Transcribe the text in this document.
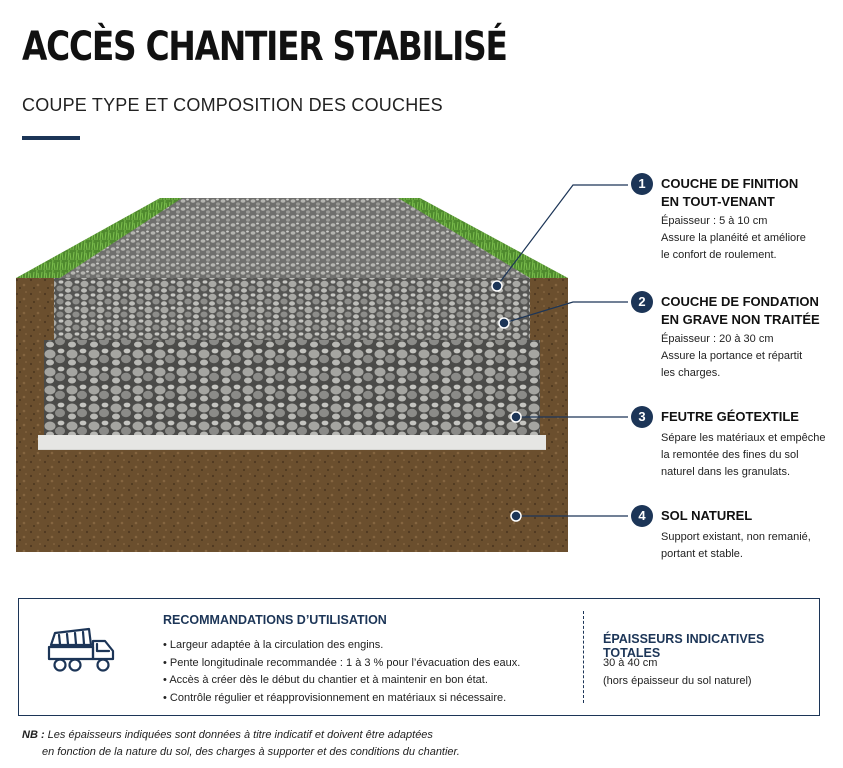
ACCÈS CHANTIER STABILISÉ
COUPE TYPE ET COMPOSITION DES COUCHES
1	COUCHE DE FINITION
EN TOUT-VENANT
Épaisseur : 5 à 10 cm
Assure la planéité et améliore
le confort de roulement.
2	COUCHE DE FONDATION
EN GRAVE NON TRAITÉE
Épaisseur : 20 à 30 cm
Assure la portance et répartit
les charges.
3	FEUTRE GÉOTEXTILE
Sépare les matériaux et empêche
la remontée des fines du sol
naturel dans les granulats.
4	SOL NATUREL
Support existant, non remanié,
portant et stable.
RECOMMANDATIONS D’UTILISATION
• Largeur adaptée à la circulation des engins.
• Pente longitudinale recommandée : 1 à 3 % pour l’évacuation des eaux.
• Accès à créer dès le début du chantier et à maintenir en bon état.
• Contrôle régulier et réapprovisionnement en matériaux si nécessaire.
ÉPAISSEURS INDICATIVES TOTALES
30 à 40 cm
(hors épaisseur du sol naturel)
NB : Les épaisseurs indiquées sont données à titre indicatif et doivent être adaptées
en fonction de la nature du sol, des charges à supporter et des conditions du chantier.
